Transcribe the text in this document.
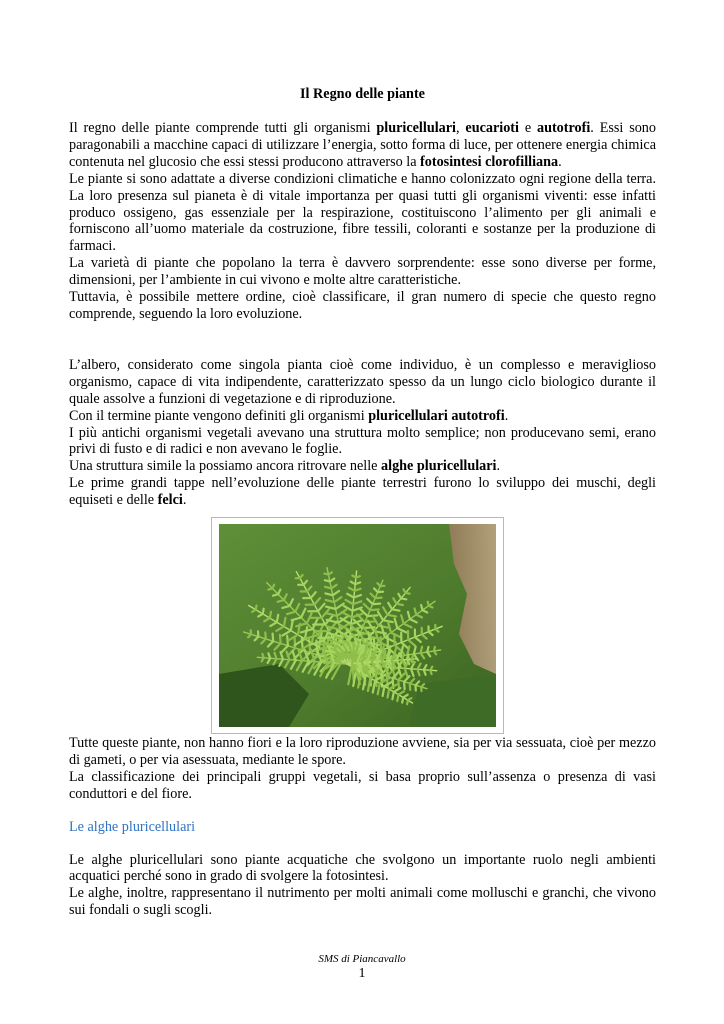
Il Regno delle piante

Il regno delle piante comprende tutti gli organismi pluricellulari, eucarioti e autotrofi. Essi sono paragonabili a macchine capaci di utilizzare l’energia, sotto forma di luce, per ottenere energia chimica contenuta nel glucosio che essi stessi producono attraverso la fotosintesi clorofilliana.

Le piante si sono adattate a diverse condizioni climatiche e hanno colonizzato ogni regione della terra. La loro presenza sul pianeta è di vitale importanza per quasi tutti gli organismi viventi: esse infatti produco ossigeno, gas essenziale per la respirazione, costituiscono l’alimento per gli animali e forniscono all’uomo materiale da costruzione, fibre tessili, coloranti e sostanze per la produzione di farmaci.

La varietà di piante che popolano la terra è davvero sorprendente: esse sono diverse per forme, dimensioni, per l’ambiente in cui vivono e molte altre caratteristiche.

Tuttavia, è possibile mettere ordine, cioè classificare, il gran numero di specie che questo regno comprende, seguendo la loro evoluzione.

L’albero, considerato come singola pianta cioè come individuo, è un complesso e meraviglioso organismo, capace di vita indipendente, caratterizzato spesso da un lungo ciclo biologico durante il quale assolve a funzioni di vegetazione e di riproduzione.

Con il termine piante vengono definiti gli organismi pluricellulari autotrofi.

I più antichi organismi vegetali avevano una struttura molto semplice; non producevano semi, erano privi di fusto e di radici e non avevano le foglie.

Una struttura simile la possiamo ancora ritrovare nelle alghe pluricellulari.

Le prime grandi tappe nell’evoluzione delle piante terrestri furono lo sviluppo dei muschi, degli equiseti e delle felci.

Tutte queste piante, non hanno fiori e la loro riproduzione avviene, sia per via sessuata, cioè per mezzo di gameti, o per via asessuata, mediante le spore.

La classificazione dei principali gruppi vegetali, si basa proprio sull’assenza o presenza di vasi conduttori e del fiore.

Le alghe pluricellulari

Le alghe pluricellulari sono piante acquatiche che svolgono un importante ruolo negli ambienti acquatici perché sono in grado di svolgere la fotosintesi.

Le alghe, inoltre, rappresentano il nutrimento per molti animali come molluschi e granchi, che vivono sui fondali o sugli scogli.

SMS di Piancavallo
1
